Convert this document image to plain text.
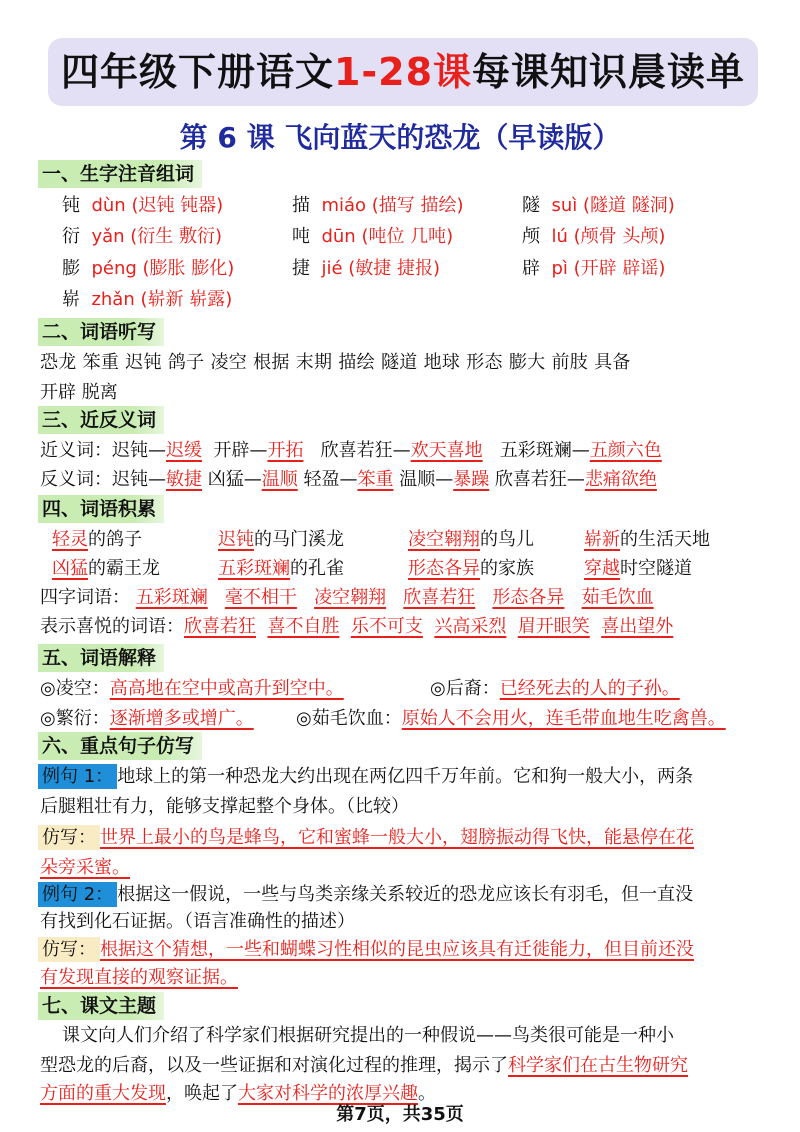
四年级下册语文1-28课每课知识晨读单
第 6 课 飞向蓝天的恐龙（早读版）
一、生字注音组词
钝 dùn (迟钝 钝器)	描 miáo (描写 描绘)	隧 suì (隧道 隧洞)
衍 yǎn (衍生 敷衍)	吨 dūn (吨位 几吨)	颅 lú (颅骨 头颅)
膨 péng (膨胀 膨化)	捷 jié (敏捷 捷报)	辟 pì (开辟 辟谣)
崭 zhǎn (崭新 崭露)
二、词语听写
恐龙 笨重 迟钝 鸽子 凌空 根据 末期 描绘 隧道 地球 形态 膨大 前肢 具备
开辟 脱离
三、近反义词
近义词：迟钝—迟缓 开辟—开拓 欣喜若狂—欢天喜地 五彩斑斓—五颜六色
反义词：迟钝—敏捷 凶猛—温顺 轻盈—笨重 温顺—暴躁 欣喜若狂—悲痛欲绝
四、词语积累
轻灵的鸽子	迟钝的马门溪龙	凌空翱翔的鸟儿	崭新的生活天地
凶猛的霸王龙	五彩斑斓的孔雀	形态各异的家族	穿越时空隧道
四字词语： 五彩斑斓 毫不相干 凌空翱翔 欣喜若狂 形态各异 茹毛饮血
表示喜悦的词语：欣喜若狂 喜不自胜 乐不可支 兴高采烈 眉开眼笑 喜出望外
五、词语解释
◎凌空：高高地在空中或高升到空中。	◎后裔：已经死去的人的子孙。
◎繁衍：逐渐增多或增广。 ◎茹毛饮血：原始人不会用火，连毛带血地生吃禽兽。
六、重点句子仿写
例句 1： 地球上的第一种恐龙大约出现在两亿四千万年前。它和狗一般大小，两条
后腿粗壮有力，能够支撑起整个身体。（比较）
仿写： 世界上最小的鸟是蜂鸟，它和蜜蜂一般大小，翅膀振动得飞快，能悬停在花
朵旁采蜜。
例句 2： 根据这一假说，一些与鸟类亲缘关系较近的恐龙应该长有羽毛，但一直没
有找到化石证据。（语言准确性的描述）
仿写： 根据这个猜想，一些和蝴蝶习性相似的昆虫应该具有迁徙能力，但目前还没
有发现直接的观察证据。
七、课文主题
课文向人们介绍了科学家们根据研究提出的一种假说——鸟类很可能是一种小
型恐龙的后裔，以及一些证据和对演化过程的推理，揭示了科学家们在古生物研究
方面的重大发现，唤起了大家对科学的浓厚兴趣。
第7页，共35页
